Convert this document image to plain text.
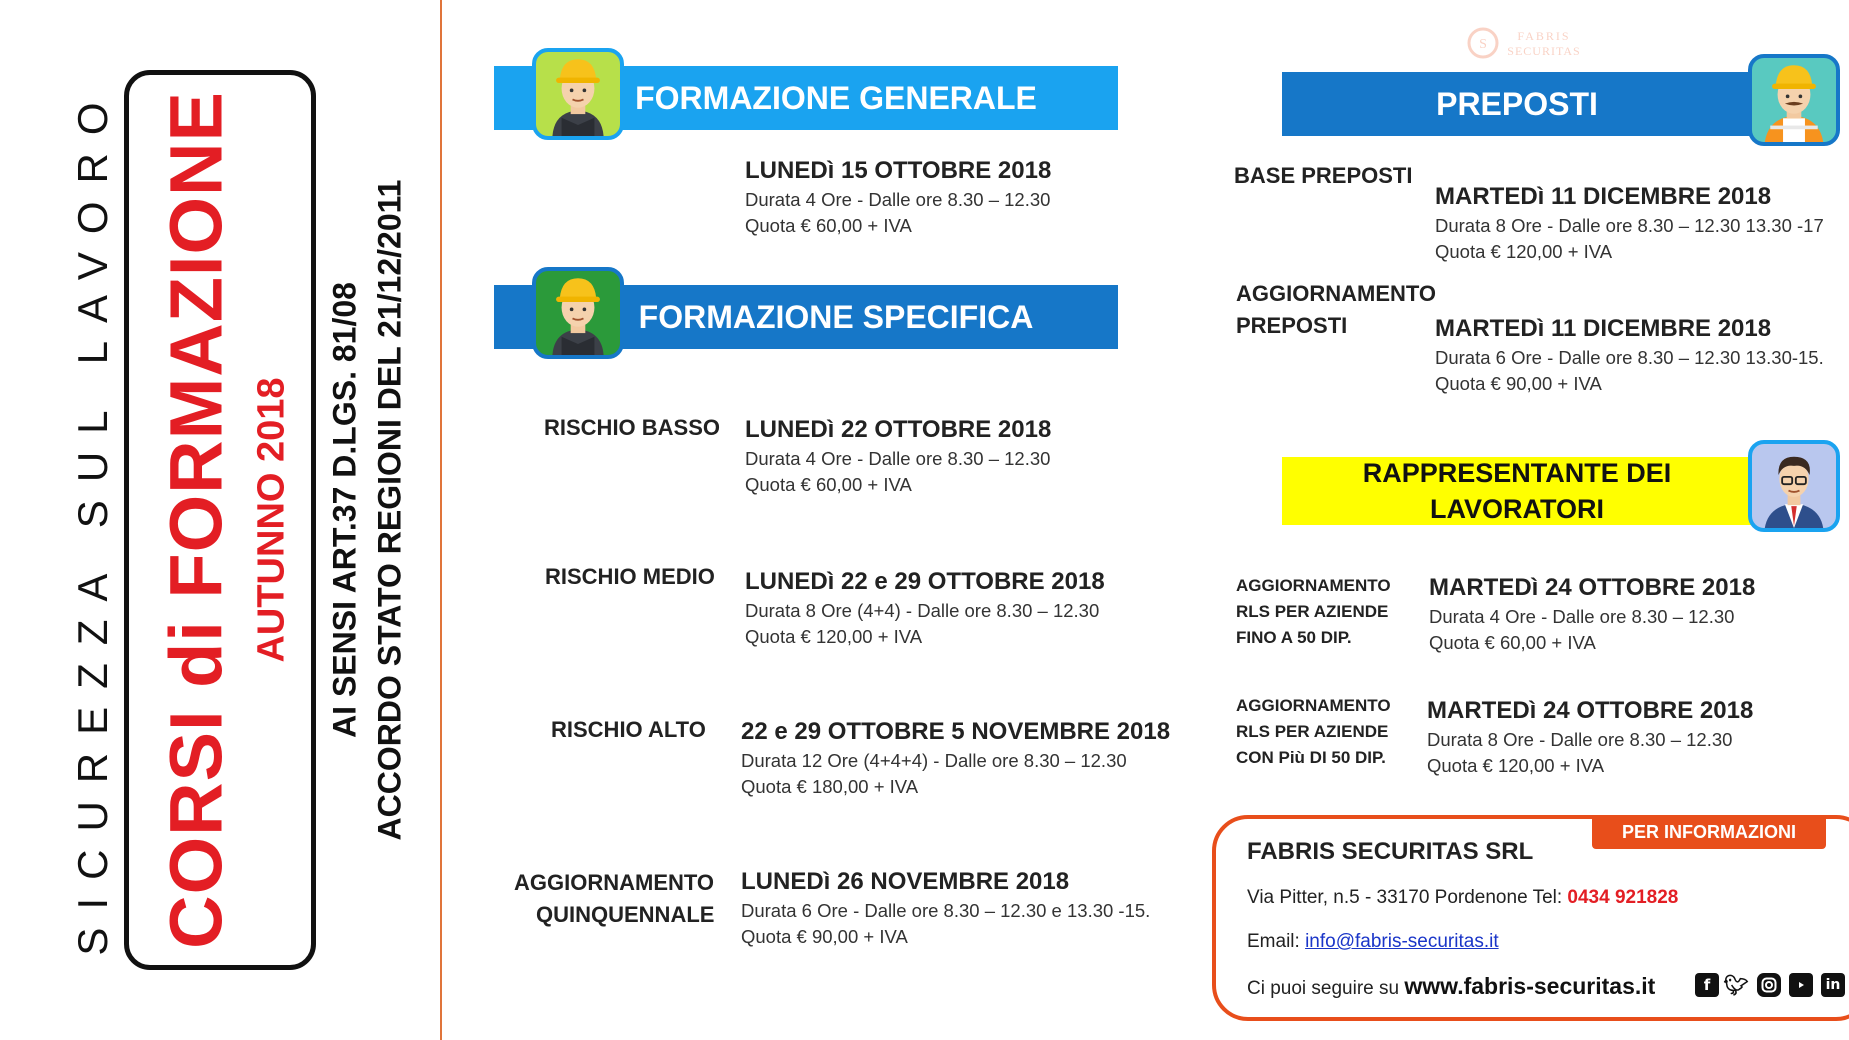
SICUREZZA SUL LAVORO CORSI di FORMAZIONE AUTUNNO 2018 AI SENSI ART.37 D.LGS. 81/08 ACCORDO STATO REGIONI DEL 21/12/2011
S
FABRIS
SECURITAS
FORMAZIONE GENERALE
LUNEDì 15 OTTOBRE 2018
Durata 4 Ore - Dalle ore 8.30 – 12.30
Quota € 60,00 + IVA
FORMAZIONE SPECIFICA
RISCHIO BASSO LUNEDì 22 OTTOBRE 2018
Durata 4 Ore - Dalle ore 8.30 – 12.30
Quota € 60,00 + IVA
RISCHIO MEDIO LUNEDì 22 e 29 OTTOBRE 2018
Durata 8 Ore (4+4) - Dalle ore 8.30 – 12.30
Quota € 120,00 + IVA
RISCHIO ALTO 22 e 29 OTTOBRE 5 NOVEMBRE 2018
Durata 12 Ore (4+4+4) - Dalle ore 8.30 – 12.30
Quota € 180,00 + IVA
AGGIORNAMENTO
QUINQUENNALE
LUNEDì 26 NOVEMBRE 2018
Durata 6 Ore - Dalle ore 8.30 – 12.30 e 13.30 -15.
Quota € 90,00 + IVA
PREPOSTI
BASE PREPOSTI
MARTEDì 11 DICEMBRE 2018
Durata 8 Ore - Dalle ore 8.30 – 12.30 13.30 -17
Quota € 120,00 + IVA
AGGIORNAMENTO
PREPOSTI	MARTEDì 11 DICEMBRE 2018
Durata 6 Ore - Dalle ore 8.30 – 12.30 13.30-15.
Quota € 90,00 + IVA
RAPPRESENTANTE DEI
LAVORATORI
AGGIORNAMENTO
RLS PER AZIENDE
FINO A 50 DIP.
MARTEDì 24 OTTOBRE 2018
Durata 4 Ore - Dalle ore 8.30 – 12.30
Quota € 60,00 + IVA
AGGIORNAMENTO
RLS PER AZIENDE
CON Più DI 50 DIP.
MARTEDì 24 OTTOBRE 2018
Durata 8 Ore - Dalle ore 8.30 – 12.30
Quota € 120,00 + IVA
PER INFORMAZIONI
FABRIS SECURITAS SRL
Via Pitter, n.5 - 33170 Pordenone Tel: 0434 921828
Email: info@fabris-securitas.it
Ci puoi seguire su www.fabris-securitas.it	f 🐦︎	in
